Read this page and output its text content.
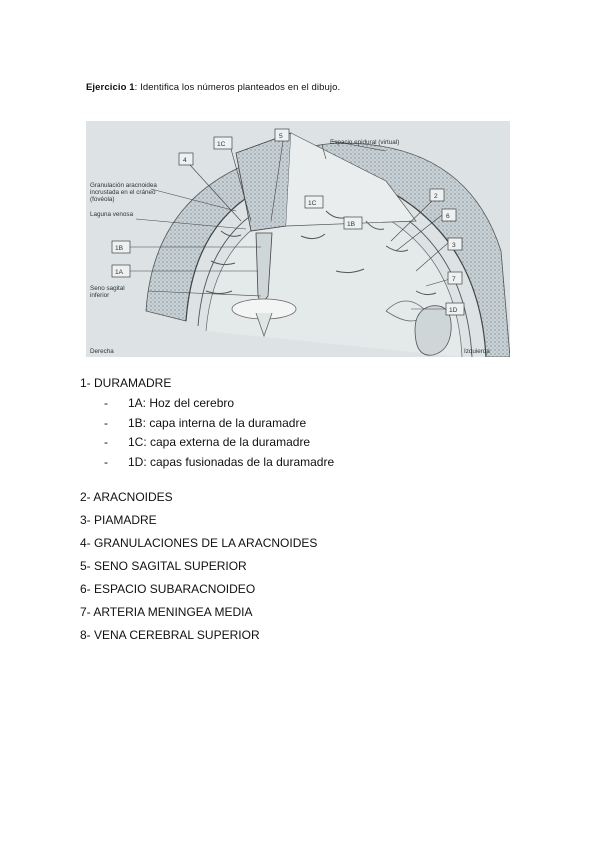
Ejercicio 1: Identifica los números planteados en el dibujo.
Espacio epidural (virtual)
Granulación aracnoidea
incrustada en el cráneo
(fovéola)
Laguna venosa
Seno sagital
inferior
Derecha	Izquierda
1C
5
4
1C
1B
1B
1A
2
6
3
7
1D
1- DURAMADRE
- 1A: Hoz del cerebro
- 1B: capa interna de la duramadre
- 1C: capa externa de la duramadre
- 1D: capas fusionadas de la duramadre
2- ARACNOIDES
3- PIAMADRE
4- GRANULACIONES DE LA ARACNOIDES
5- SENO SAGITAL SUPERIOR
6- ESPACIO SUBARACNOIDEO
7- ARTERIA MENINGEA MEDIA
8- VENA CEREBRAL SUPERIOR
